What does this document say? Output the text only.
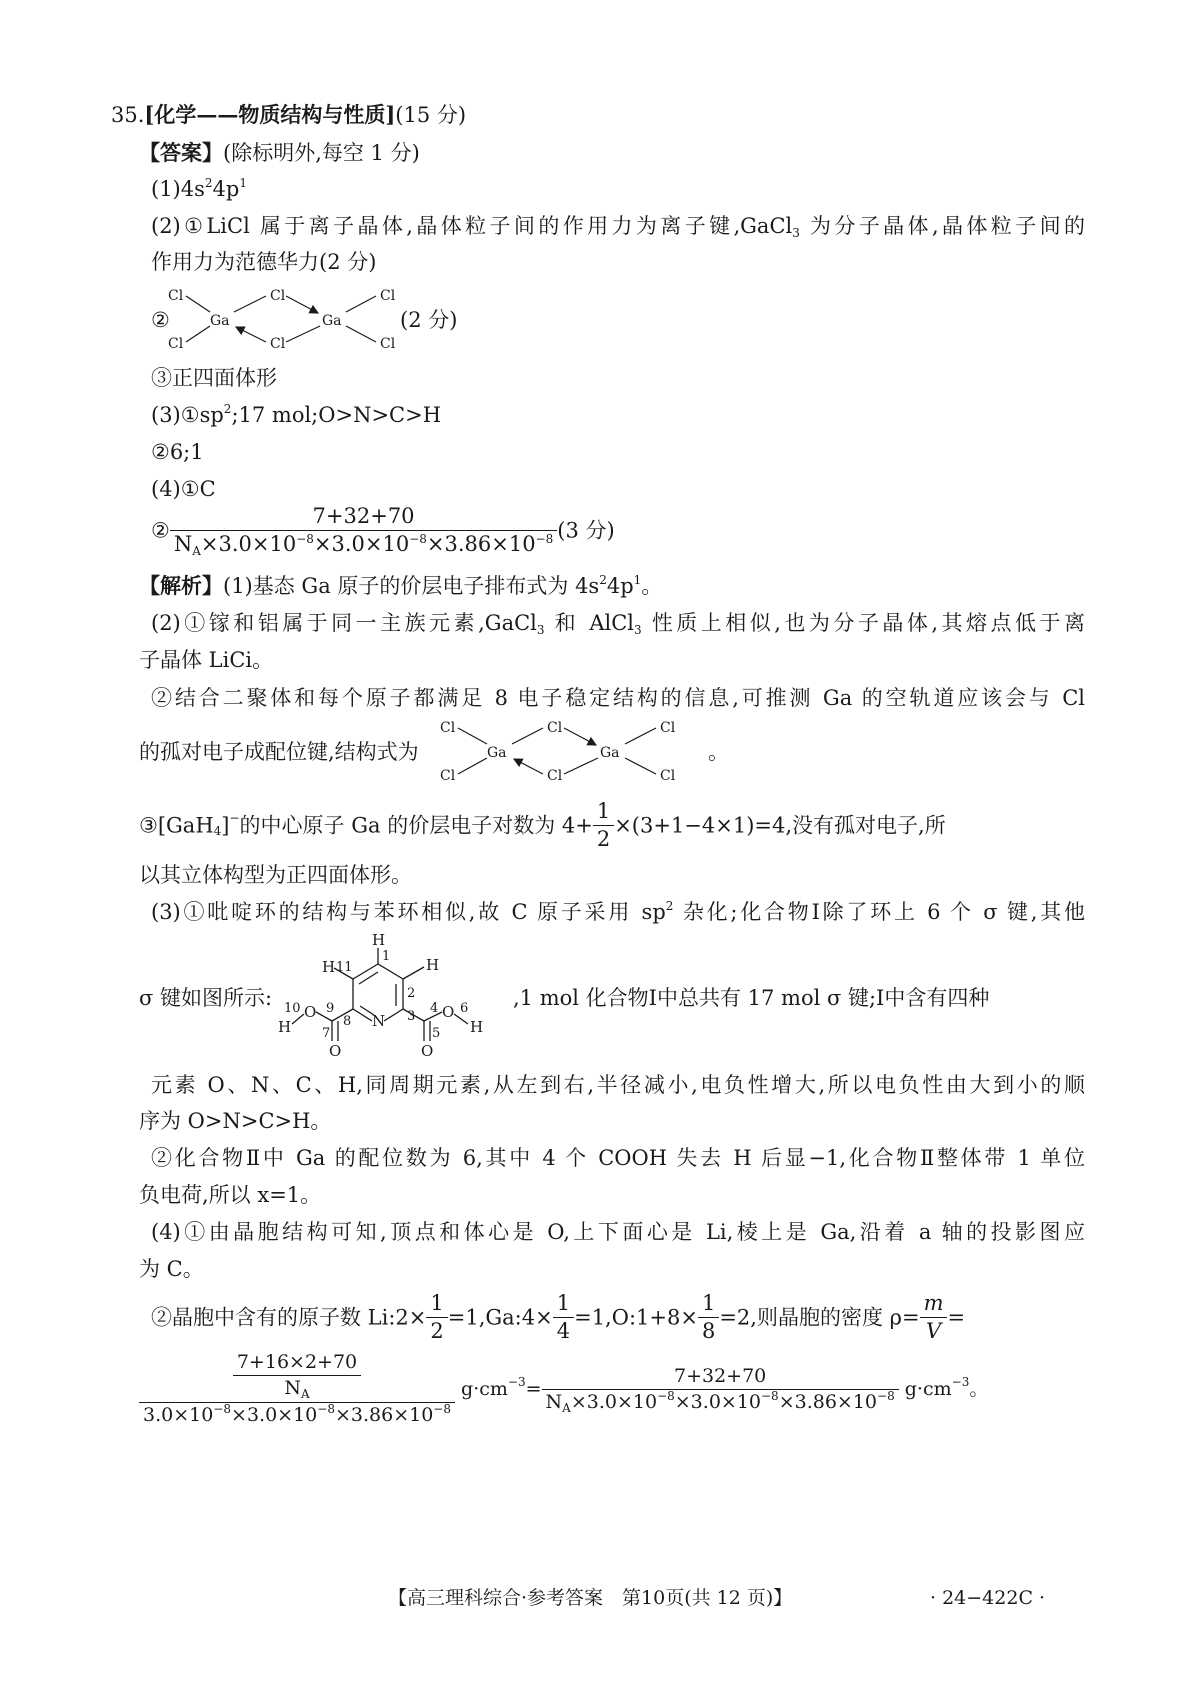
35.[化学——物质结构与性质](15 分)
【答案】(除标明外,每空 1 分)
$(1)4s^24p^1$
(2)①LiCl 属于离子晶体,晶体粒子间的作用力为离子键,GaCl$_3$ 为分子晶体,晶体粒子间的
作用力为范德华力(2 分)
②
Cl
Cl
Ga
Cl
Cl
Ga
Cl
Cl
(2 分)
③正四面体形
$(3)①sp^2;17$ mol;O>N>C>H
②6;1
(4)①C
② $\frac{7+32+70}{N_A\times 3.0\times 10^{-8}\times 3.0\times 10^{-8}\times 3.86\times 10^{-8}} (3$ 分)
【解析】(1)基态 Ga 原子的价层电子排布式为 $4s^24p^1$。
(2)①镓和铝属于同一主族元素,GaCl$_3$ 和 AlCl$_3$ 性质上相似,也为分子晶体,其熔点低于离
子晶体 LiCi。
②结合二聚体和每个原子都满足 8 电子稳定结构的信息,可推测 Ga 的空轨道应该会与 Cl
的孤对电子成配位键,结构式为
Cl
Cl
Ga
Cl
Cl
Ga
Cl
Cl
。
③[GaH$_4$]−的中心原子 Ga 的价层电子对数为 $4+ \frac{1}{2} \times(3+1-4\times 1)=4$,没有孤对电子,所
以其立体构型为正四面体形。
(3)①吡啶环的结构与苯环相似,故 C 原子采用 $sp^2$ 杂化;化合物Ⅰ除了环上 6 个 σ 键,其他
σ 键如图所示:
H
H
H
N
O	O
O	O
H	H
1
2
3
4
5
6
7
8
9
10
11
,1 mol 化合物Ⅰ中总共有 17 mol σ 键;Ⅰ中含有四种
元素 O、N、C、H,同周期元素,从左到右,半径减小,电负性增大,所以电负性由大到小的顺
序为 O>N>C>H。
②化合物Ⅱ中 Ga 的配位数为 6,其中 4 个 COOH 失去 H 后显−1,化合物Ⅱ整体带 1 单位
负电荷,所以 x=1。
(4)①由晶胞结构可知,顶点和体心是 O,上下面心是 Li,棱上是 Ga,沿着 a 轴的投影图应
为 C。
②晶胞中含有的原子数 Li:2× $\frac{1}{2}$ =1,Ga:4× $\frac{1}{4}$ =1,O:1+8× $\frac{1}{8} =2$,则晶胞的密度 $\rho= \frac{m}{V}$ =
$\frac{\frac{7+16\times 2+70}{N_A}}{3.0\times 10^{-8}\times 3.0\times 10^{-8}\times 3.86\times 10^{-8}} g\cdot cm^{-3}= \frac{7+32+70}{N_A\times 3.0\times 10^{-8}\times 3.0\times 10^{-8}\times 3.86\times 10^{-8}} g\cdot cm^{-3}$。
【高三理科综合·参考答案　第10页(共 12 页)】	· 24−422C ·
